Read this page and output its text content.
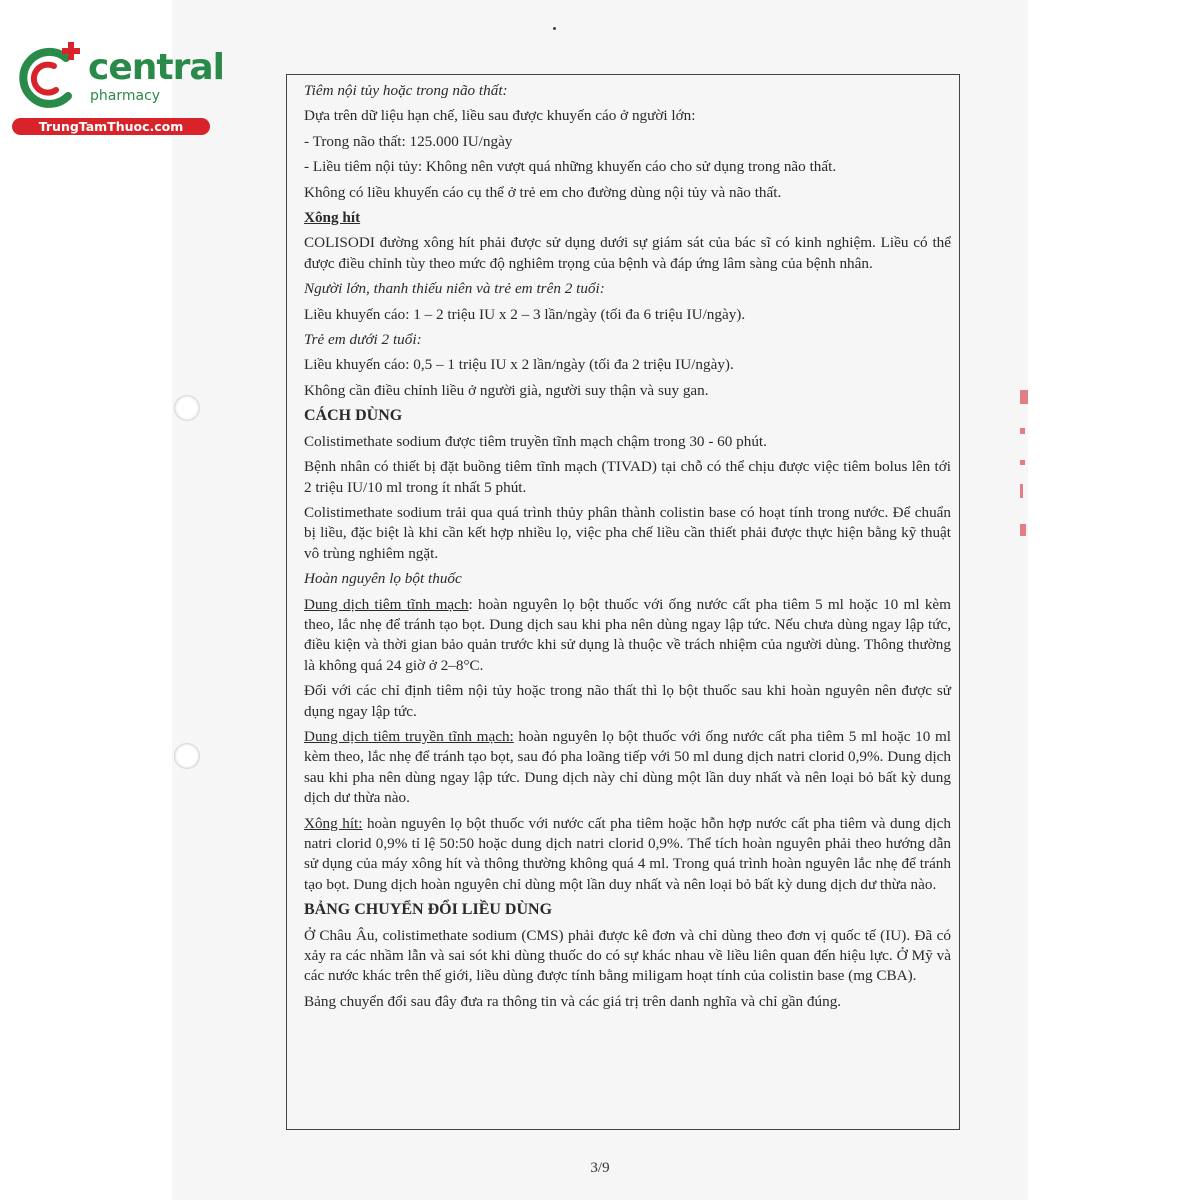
central
pharmacy
TrungTamThuoc.com

Tiêm nội tủy hoặc trong não thất:

Dựa trên dữ liệu hạn chế, liều sau được khuyến cáo ở người lớn:

- Trong não thất: 125.000 IU/ngày

- Liều tiêm nội tủy: Không nên vượt quá những khuyến cáo cho sử dụng trong não thất.

Không có liều khuyến cáo cụ thể ở trẻ em cho đường dùng nội tủy và não thất.

Xông hít

COLISODI đường xông hít phải được sử dụng dưới sự giám sát của bác sĩ có kinh nghiệm. Liều có thể được điều chỉnh tùy theo mức độ nghiêm trọng của bệnh và đáp ứng lâm sàng của bệnh nhân.

Người lớn, thanh thiếu niên và trẻ em trên 2 tuổi:

Liều khuyến cáo: 1 – 2 triệu IU x 2 – 3 lần/ngày (tối đa 6 triệu IU/ngày).

Trẻ em dưới 2 tuổi:

Liều khuyến cáo: 0,5 – 1 triệu IU x 2 lần/ngày (tối đa 2 triệu IU/ngày).

Không cần điều chỉnh liều ở người già, người suy thận và suy gan.

CÁCH DÙNG

Colistimethate sodium được tiêm truyền tĩnh mạch chậm trong 30 - 60 phút.

Bệnh nhân có thiết bị đặt buồng tiêm tĩnh mạch (TIVAD) tại chỗ có thể chịu được việc tiêm bolus lên tới 2 triệu IU/10 ml trong ít nhất 5 phút.

Colistimethate sodium trải qua quá trình thủy phân thành colistin base có hoạt tính trong nước. Để chuẩn bị liều, đặc biệt là khi cần kết hợp nhiều lọ, việc pha chế liều cần thiết phải được thực hiện bằng kỹ thuật vô trùng nghiêm ngặt.

Hoàn nguyên lọ bột thuốc

Dung dịch tiêm tĩnh mạch: hoàn nguyên lọ bột thuốc với ống nước cất pha tiêm 5 ml hoặc 10 ml kèm theo, lắc nhẹ để tránh tạo bọt. Dung dịch sau khi pha nên dùng ngay lập tức. Nếu chưa dùng ngay lập tức, điều kiện và thời gian bảo quản trước khi sử dụng là thuộc về trách nhiệm của người dùng. Thông thường là không quá 24 giờ ở 2–8°C.

Đối với các chỉ định tiêm nội tủy hoặc trong não thất thì lọ bột thuốc sau khi hoàn nguyên nên được sử dụng ngay lập tức.

Dung dịch tiêm truyền tĩnh mạch: hoàn nguyên lọ bột thuốc với ống nước cất pha tiêm 5 ml hoặc 10 ml kèm theo, lắc nhẹ để tránh tạo bọt, sau đó pha loãng tiếp với 50 ml dung dịch natri clorid 0,9%. Dung dịch sau khi pha nên dùng ngay lập tức. Dung dịch này chỉ dùng một lần duy nhất và nên loại bỏ bất kỳ dung dịch dư thừa nào.

Xông hít: hoàn nguyên lọ bột thuốc với nước cất pha tiêm hoặc hỗn hợp nước cất pha tiêm và dung dịch natri clorid 0,9% tỉ lệ 50:50 hoặc dung dịch natri clorid 0,9%. Thể tích hoàn nguyên phải theo hướng dẫn sử dụng của máy xông hít và thông thường không quá 4 ml. Trong quá trình hoàn nguyên lắc nhẹ để tránh tạo bọt. Dung dịch hoàn nguyên chỉ dùng một lần duy nhất và nên loại bỏ bất kỳ dung dịch dư thừa nào.

BẢNG CHUYỂN ĐỔI LIỀU DÙNG

Ở Châu Âu, colistimethate sodium (CMS) phải được kê đơn và chỉ dùng theo đơn vị quốc tế (IU). Đã có xảy ra các nhầm lẫn và sai sót khi dùng thuốc do có sự khác nhau về liều liên quan đến hiệu lực. Ở Mỹ và các nước khác trên thế giới, liều dùng được tính bằng miligam hoạt tính của colistin base (mg CBA).

Bảng chuyển đổi sau đây đưa ra thông tin và các giá trị trên danh nghĩa và chỉ gần đúng.

3/9
